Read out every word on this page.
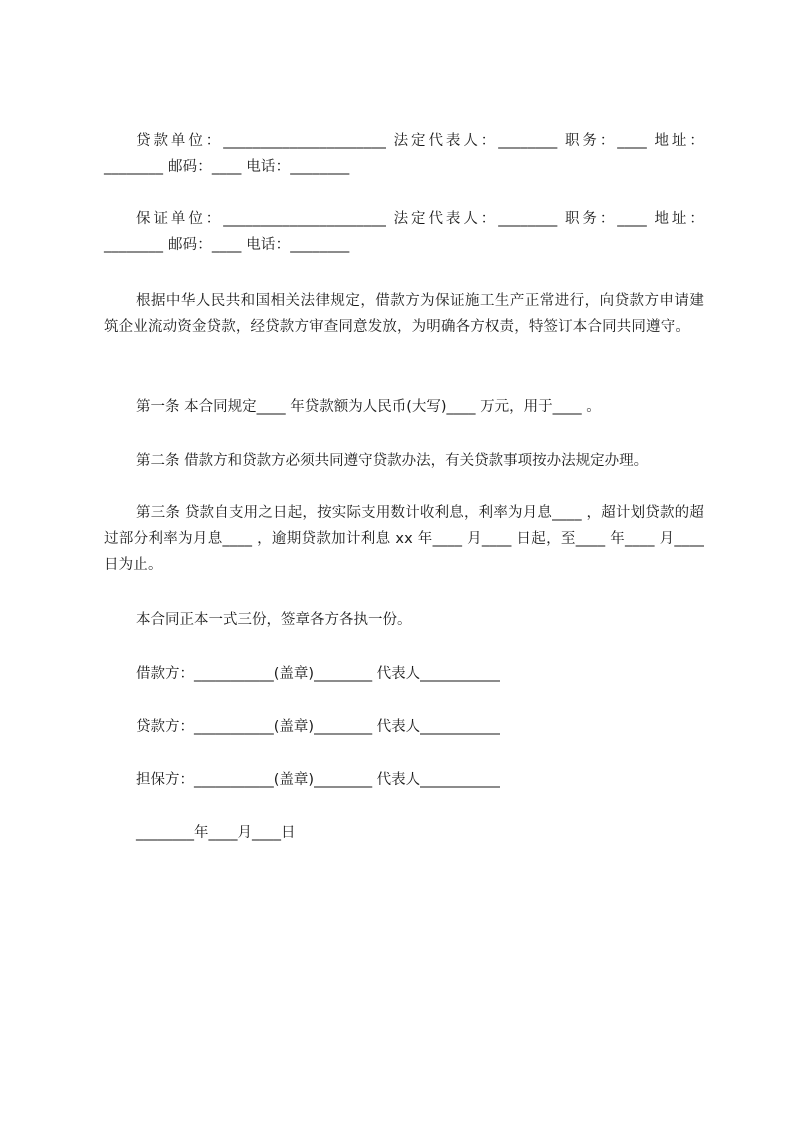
贷款单位：______________________ 法定代表人：________ 职务：____ 地址：________ 邮码：____ 电话：________
保证单位：______________________ 法定代表人：________ 职务：____ 地址：________ 邮码：____ 电话：________
根据中华人民共和国相关法律规定，借款方为保证施工生产正常进行，向贷款方申请建筑企业流动资金贷款，经贷款方审查同意发放，为明确各方权责，特签订本合同共同遵守。
第一条 本合同规定____ 年贷款额为人民币(大写)____ 万元，用于____ 。
第二条 借款方和贷款方必须共同遵守贷款办法，有关贷款事项按办法规定办理。
第三条 贷款自支用之日起，按实际支用数计收利息，利率为月息____ ，超计划贷款的超过部分利率为月息____ ，逾期贷款加计利息 xx 年____ 月____ 日起，至____ 年____ 月____ 日为止。
本合同正本一式三份，签章各方各执一份。
借款方：___________(盖章)________ 代表人___________
贷款方：___________(盖章)________ 代表人___________
担保方：___________(盖章)________ 代表人___________
________年____月____日
